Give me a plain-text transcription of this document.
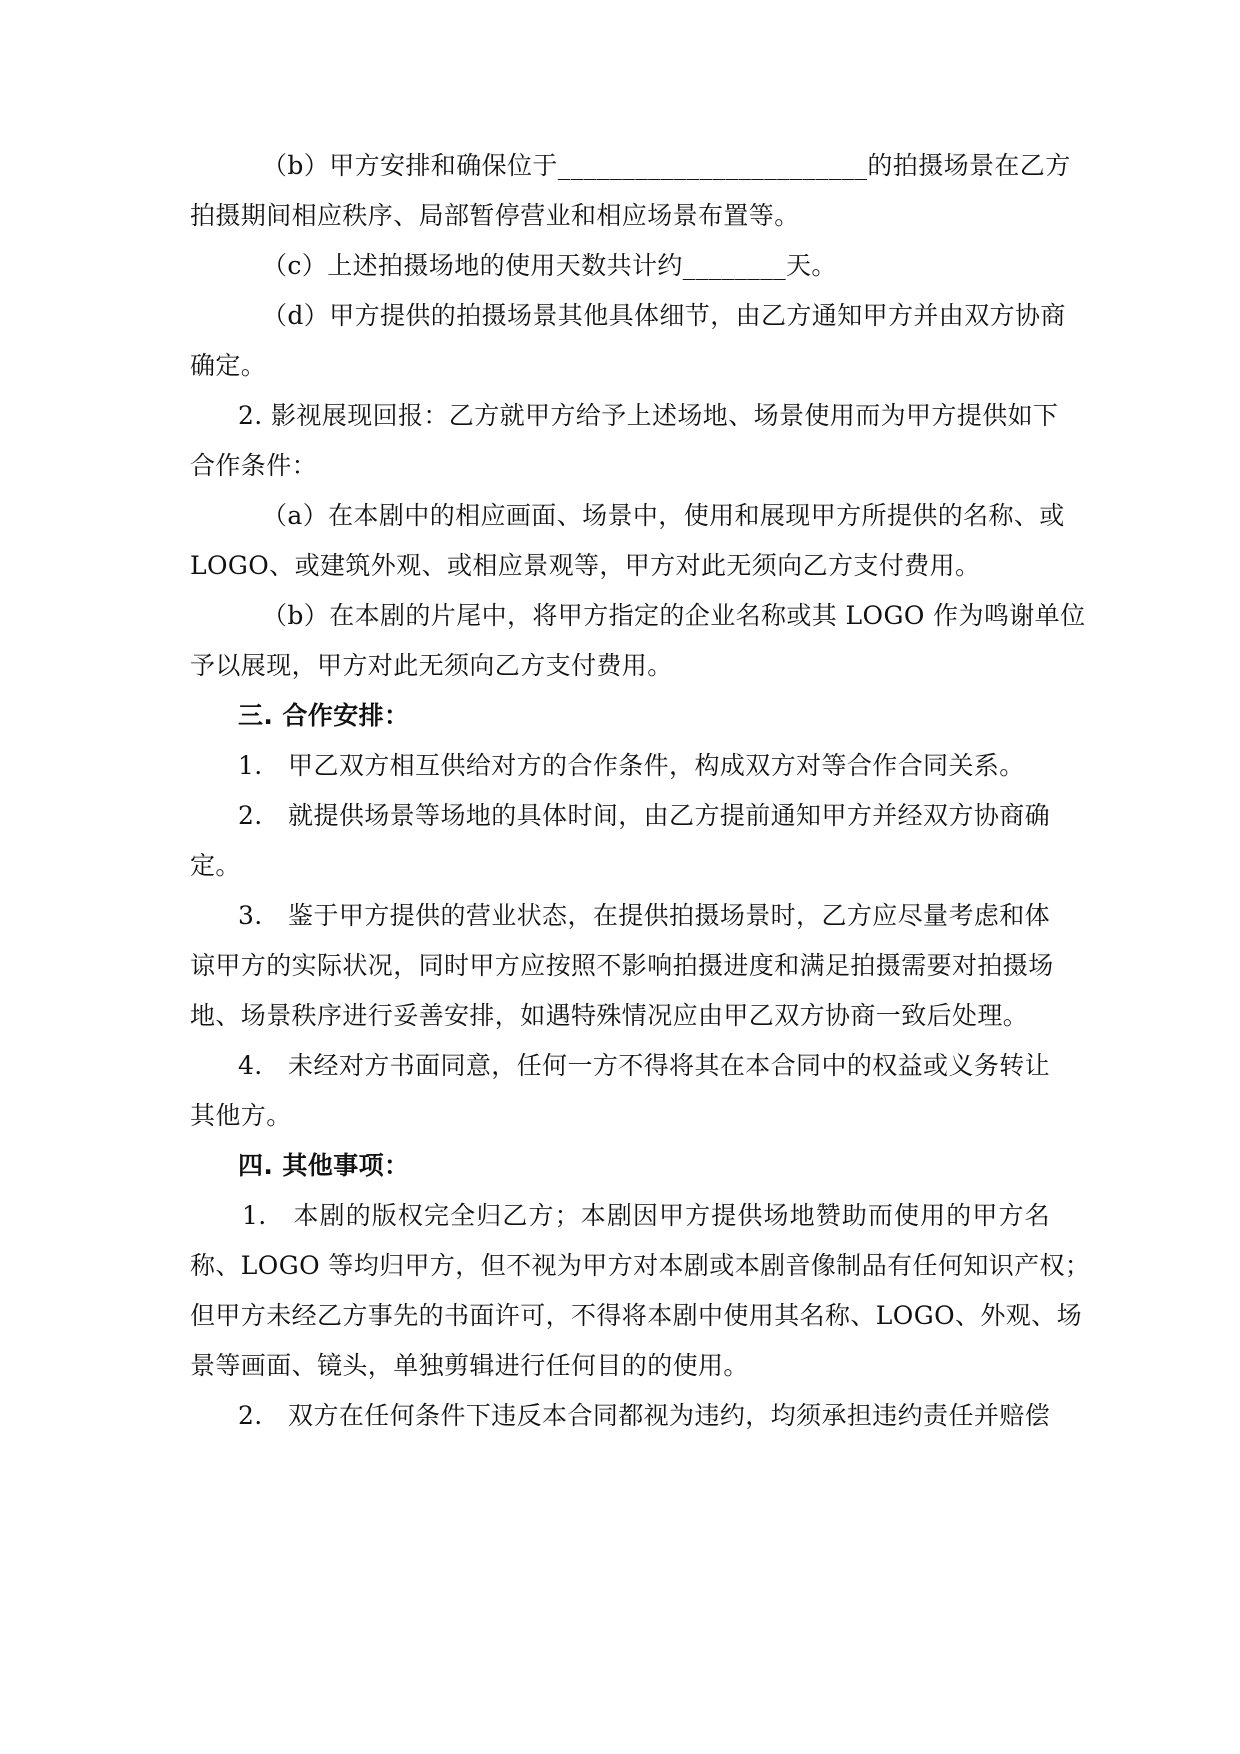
（b）甲方安排和确保位于________________________的拍摄场景在乙方
拍摄期间相应秩序、局部暂停营业和相应场景布置等。
（c）上述拍摄场地的使用天数共计约________天。
（d）甲方提供的拍摄场景其他具体细节，由乙方通知甲方并由双方协商
确定。
2. 影视展现回报：乙方就甲方给予上述场地、场景使用而为甲方提供如下
合作条件：
（a）在本剧中的相应画面、场景中，使用和展现甲方所提供的名称、或
LOGO、或建筑外观、或相应景观等，甲方对此无须向乙方支付费用。
（b）在本剧的片尾中，将甲方指定的企业名称或其 LOGO 作为鸣谢单位
予以展现，甲方对此无须向乙方支付费用。
三. 合作安排：
1.　甲乙双方相互供给对方的合作条件，构成双方对等合作合同关系。
2.　就提供场景等场地的具体时间，由乙方提前通知甲方并经双方协商确
定。
3.　鉴于甲方提供的营业状态，在提供拍摄场景时，乙方应尽量考虑和体
谅甲方的实际状况，同时甲方应按照不影响拍摄进度和满足拍摄需要对拍摄场
地、场景秩序进行妥善安排，如遇特殊情况应由甲乙双方协商一致后处理。
4.　未经对方书面同意，任何一方不得将其在本合同中的权益或义务转让
其他方。
四. 其他事项：
1.　本剧的版权完全归乙方；本剧因甲方提供场地赞助而使用的甲方名
称、LOGO 等均归甲方，但不视为甲方对本剧或本剧音像制品有任何知识产权；
但甲方未经乙方事先的书面许可，不得将本剧中使用其名称、LOGO、外观、场
景等画面、镜头，单独剪辑进行任何目的的使用。
2.　双方在任何条件下违反本合同都视为违约，均须承担违约责任并赔偿
